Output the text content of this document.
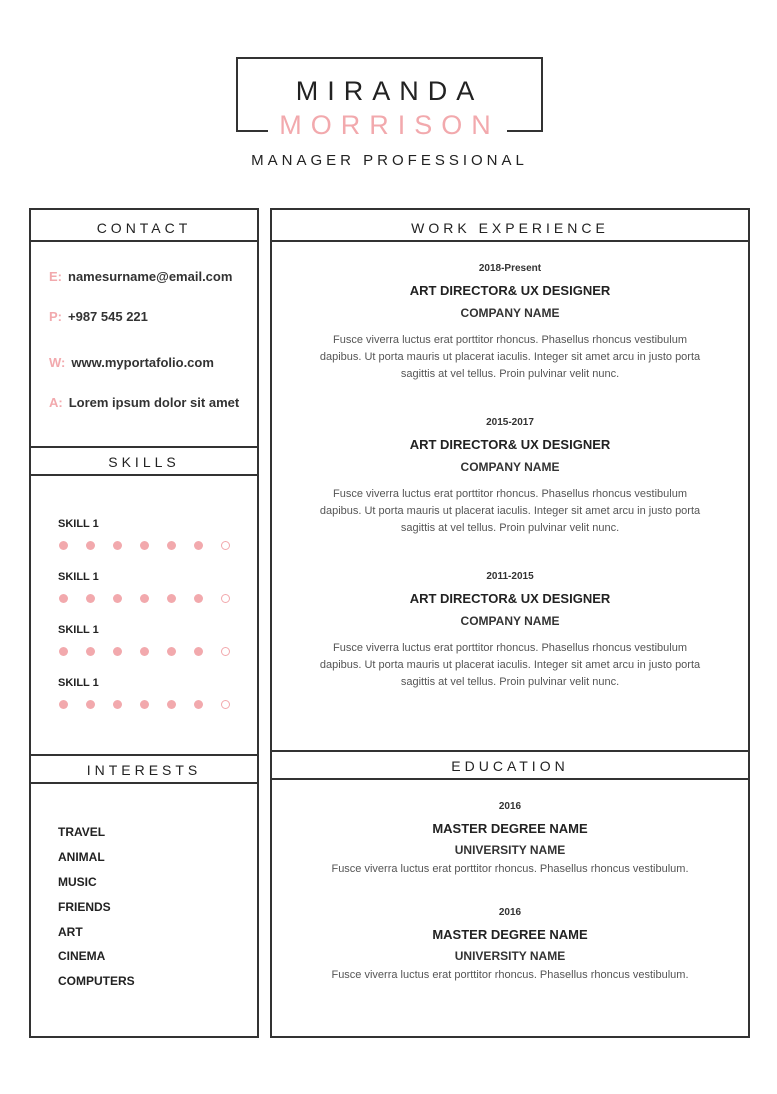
MIRANDA
MORRISON
MANAGER PROFESSIONAL
CONTACT
E: namesurname@email.com
P: +987 545 221
W: www.myportafolio.com
A: Lorem ipsum dolor sit amet
SKILLS
SKILL 1
SKILL 1
SKILL 1
SKILL 1
INTERESTS
TRAVEL
ANIMAL
MUSIC
FRIENDS
ART
CINEMA
COMPUTERS
WORK EXPERIENCE
2018-Present
ART DIRECTOR& UX DESIGNER
COMPANY NAME
Fusce viverra luctus erat porttitor rhoncus. Phasellus rhoncus vestibulum dapibus. Ut porta mauris ut placerat iaculis. Integer sit amet arcu in justo porta sagittis at vel tellus. Proin pulvinar velit nunc.
2015-2017
ART DIRECTOR& UX DESIGNER
COMPANY NAME
Fusce viverra luctus erat porttitor rhoncus. Phasellus rhoncus vestibulum dapibus. Ut porta mauris ut placerat iaculis. Integer sit amet arcu in justo porta sagittis at vel tellus. Proin pulvinar velit nunc.
2011-2015
ART DIRECTOR& UX DESIGNER
COMPANY NAME
Fusce viverra luctus erat porttitor rhoncus. Phasellus rhoncus vestibulum dapibus. Ut porta mauris ut placerat iaculis. Integer sit amet arcu in justo porta sagittis at vel tellus. Proin pulvinar velit nunc.
EDUCATION
2016
MASTER DEGREE NAME
UNIVERSITY NAME
Fusce viverra luctus erat porttitor rhoncus. Phasellus rhoncus vestibulum.
2016
MASTER DEGREE NAME
UNIVERSITY NAME
Fusce viverra luctus erat porttitor rhoncus. Phasellus rhoncus vestibulum.
